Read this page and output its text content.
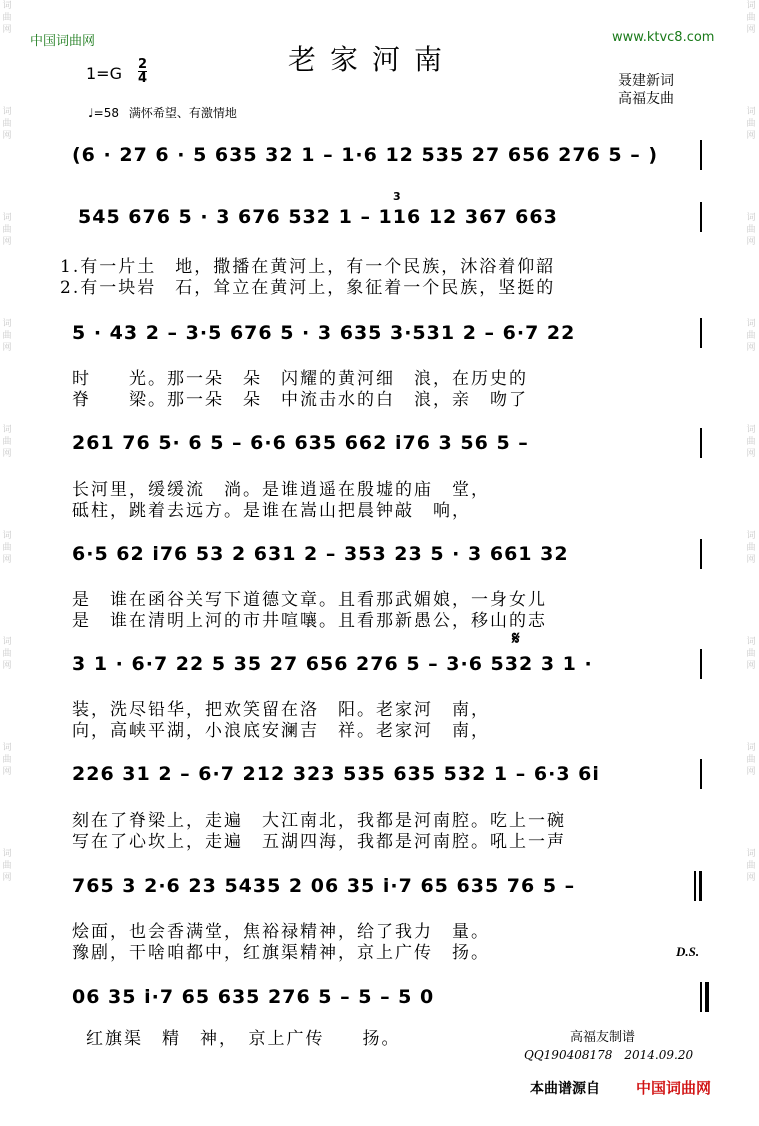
词
曲
网
词
曲
网
词
曲
网
词
曲
网
词
曲
网
词
曲
网
词
曲
网
词
曲
网
词
曲
网
词
曲
网
词
曲
网
词
曲
网
词
曲
网
词
曲
网
词
曲
网
词
曲
网
词
曲
网
词
曲
网
中国词曲网	www.ktvc8.com
老家河南
1=G 2
4	聂建新词
高福友曲
♩=58 满怀希望、有激情地
(6 · 27 6 · 5 635 32 1 – 1·6 12 535 27 656 276 5 – )
545 676 5 · 3 676 532 1 – 116 12 367 663
5 · 43 2 – 3·5 676 5 · 3 635 3·531 2 – 6·7 22
261 76 5· 6 5 – 6·6 635 662 i76 3 56 5 –
6·5 62 i76 53 2 631 2 – 353 23 5 · 3 661 32
3 1 · 6·7 22 5 35 27 656 276 5 – 3·6 532 3 1 ·
226 31 2 – 6·7 212 323 535 635 532 1 – 6·3 6i
765 3 2·6 23 5435 2 06 35 i·7 65 635 76 5 –
06 35 i·7 65 635 276 5 – 5 – 5 0
3
𝄋
D.S.
1.有一片土　地，撒播在黄河上，有一个民族，沐浴着仰韶
2.有一块岩　石，耸立在黄河上，象征着一个民族，坚挺的
时　　光。那一朵　朵　闪耀的黄河细　浪，在历史的
脊　　梁。那一朵　朵　中流击水的白　浪，亲　吻了
长河里，缓缓流　淌。是谁逍遥在殷墟的庙　堂，
砥柱，跳着去远方。是谁在嵩山把晨钟敲　响，
是　谁在函谷关写下道德文章。且看那武媚娘，一身女儿
是　谁在清明上河的市井喧嚷。且看那新愚公，移山的志
装，洗尽铅华，把欢笑留在洛　阳。老家河　南，
向，高峡平湖，小浪底安澜吉　祥。老家河　南，
刻在了脊梁上，走遍　大江南北，我都是河南腔。吃上一碗
写在了心坎上，走遍　五湖四海，我都是河南腔。吼上一声
烩面，也会香满堂，焦裕禄精神，给了我力　量。
豫剧，干啥咱都中，红旗渠精神，京上广传　扬。
红旗渠　精　神，　京上广传　　扬。	高福友制谱
QQ190408178　2014.09.20
本曲谱源自 中国词曲网
